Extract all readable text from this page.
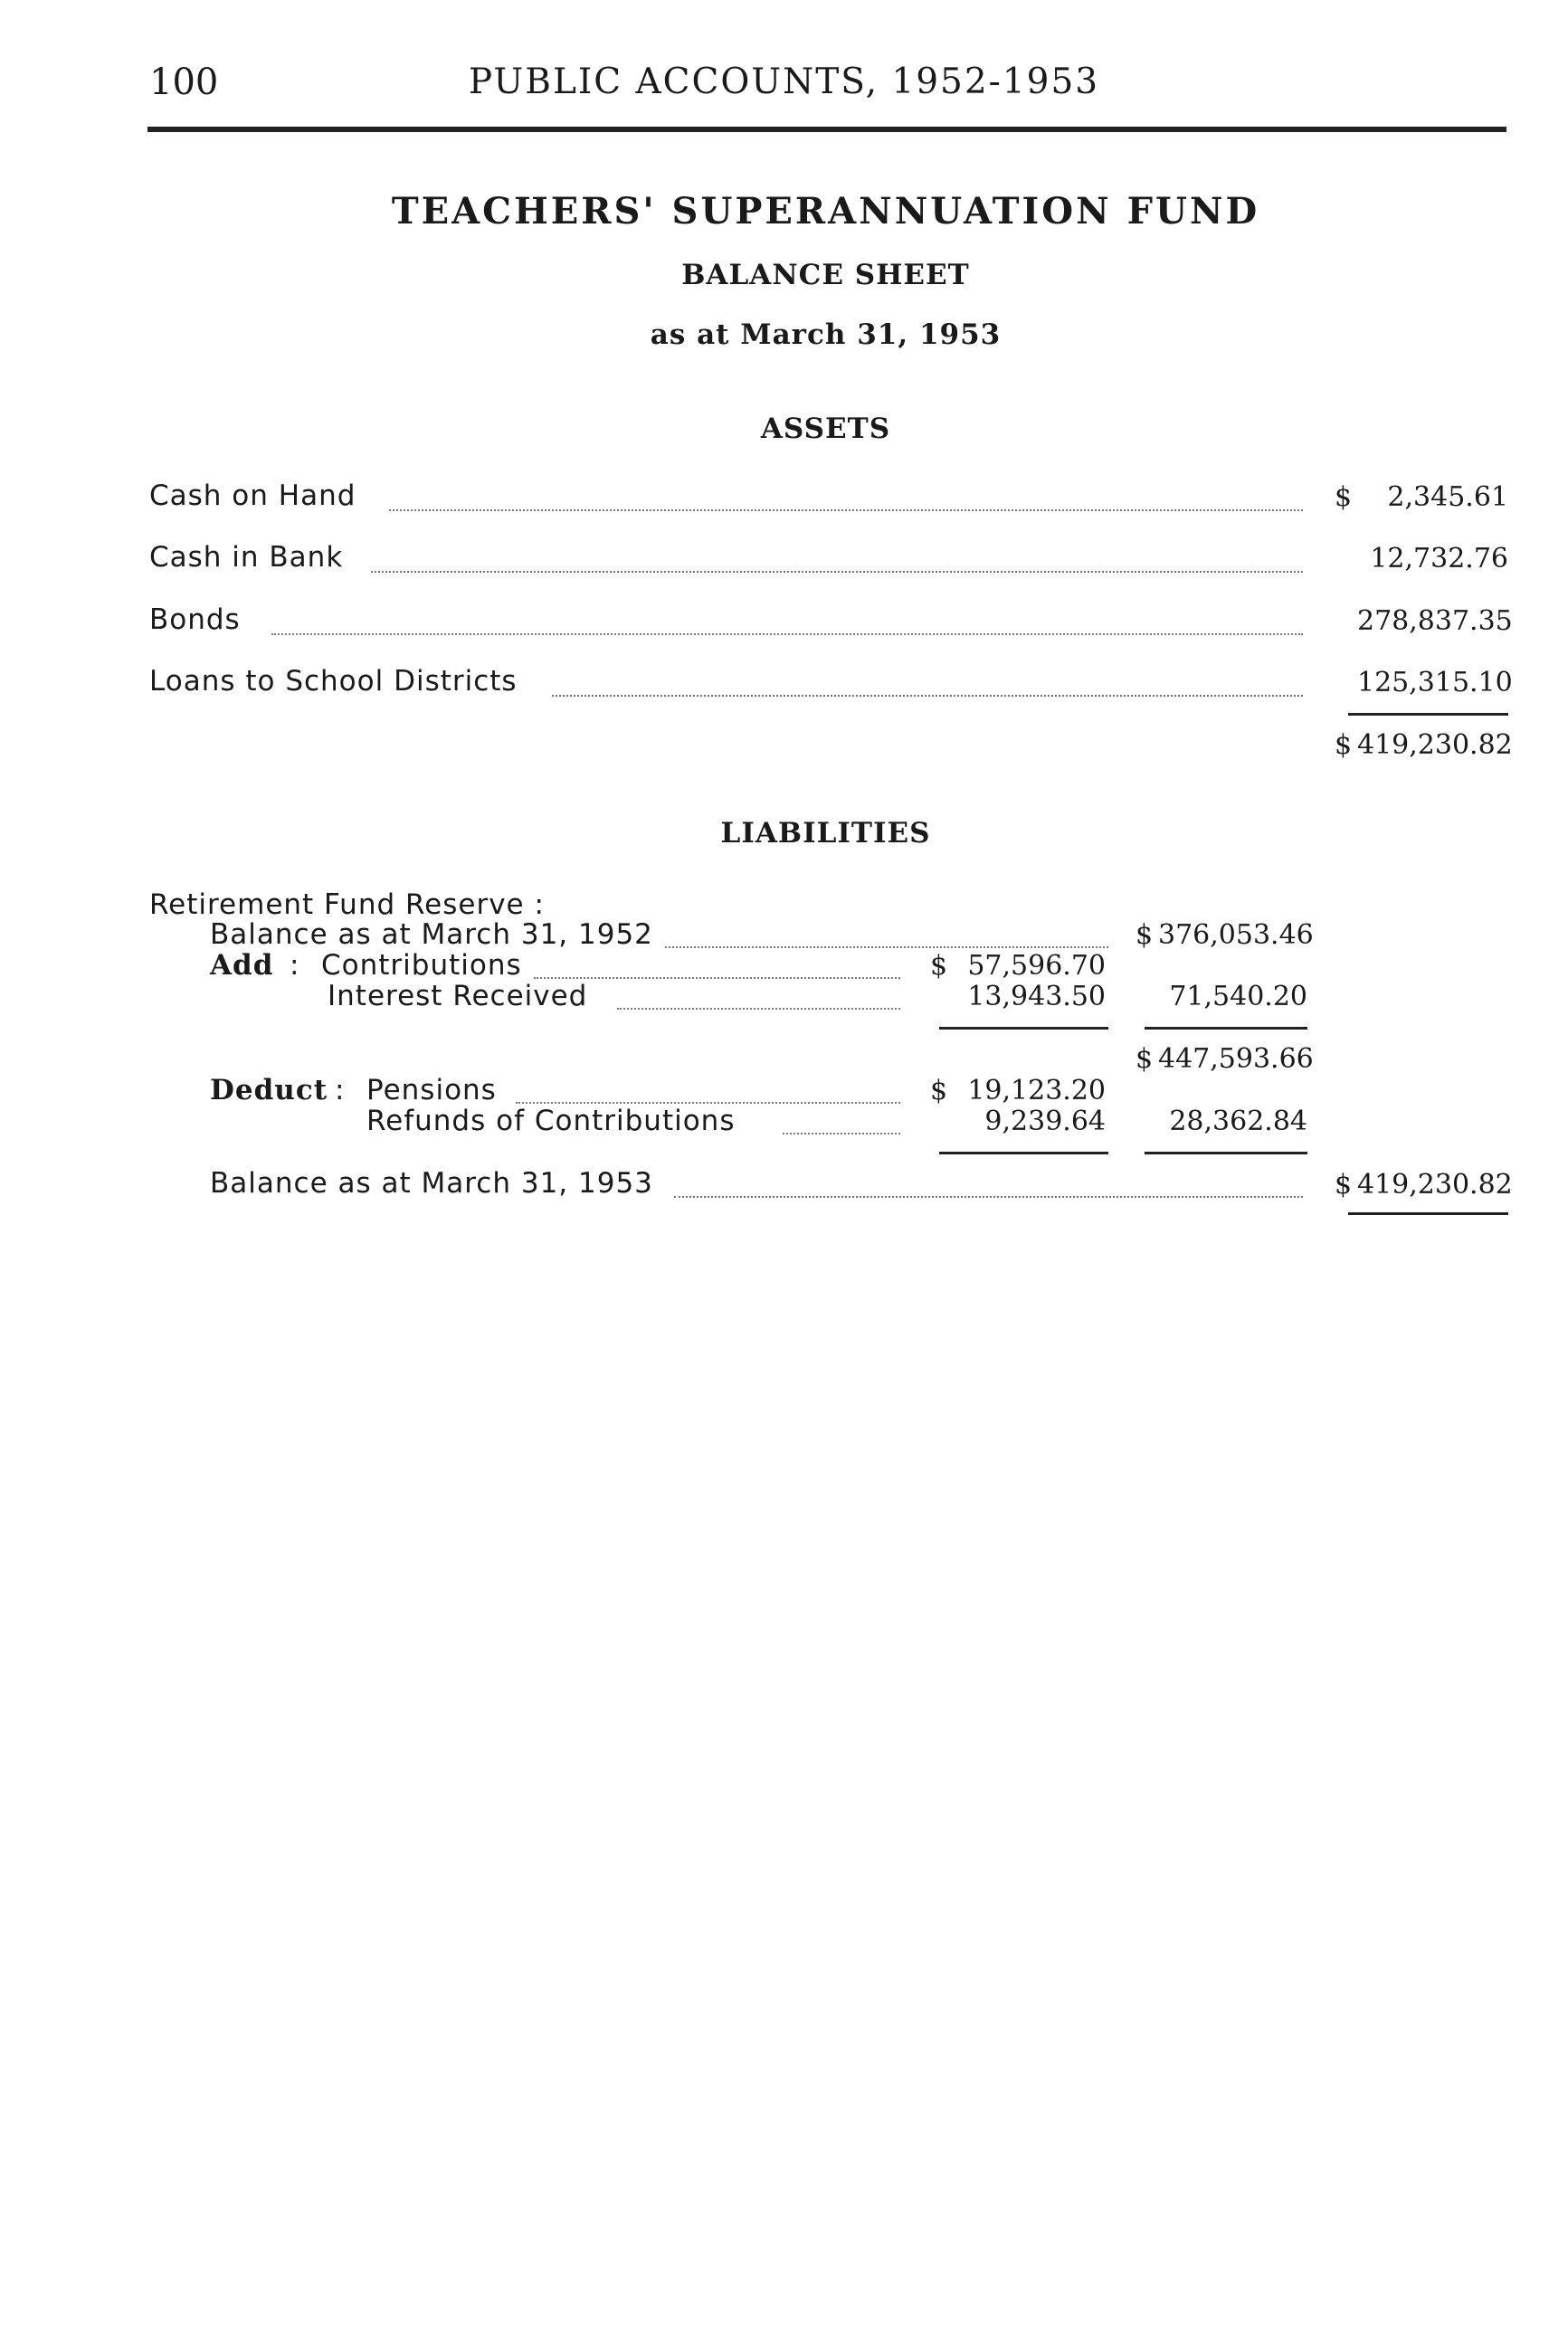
100	PUBLIC ACCOUNTS, 1952-1953
TEACHERS' SUPERANNUATION FUND
BALANCE SHEET
as at March 31, 1953
ASSETS
Cash on Hand	$	2,345.61
Cash in Bank	12,732.76
Bonds	278,837.35
Loans to School Districts	125,315.10
$ 419,230.82
LIABILITIES
Retirement Fund Reserve :
Balance as at March 31, 1952	$ 376,053.46
Add : Contributions	$ 57,596.70
Interest Received	13,943.50	71,540.20
$ 447,593.66
Deduct : Pensions	$ 19,123.20
Refunds of Contributions	9,239.64	28,362.84
Balance as at March 31, 1953	$ 419,230.82
